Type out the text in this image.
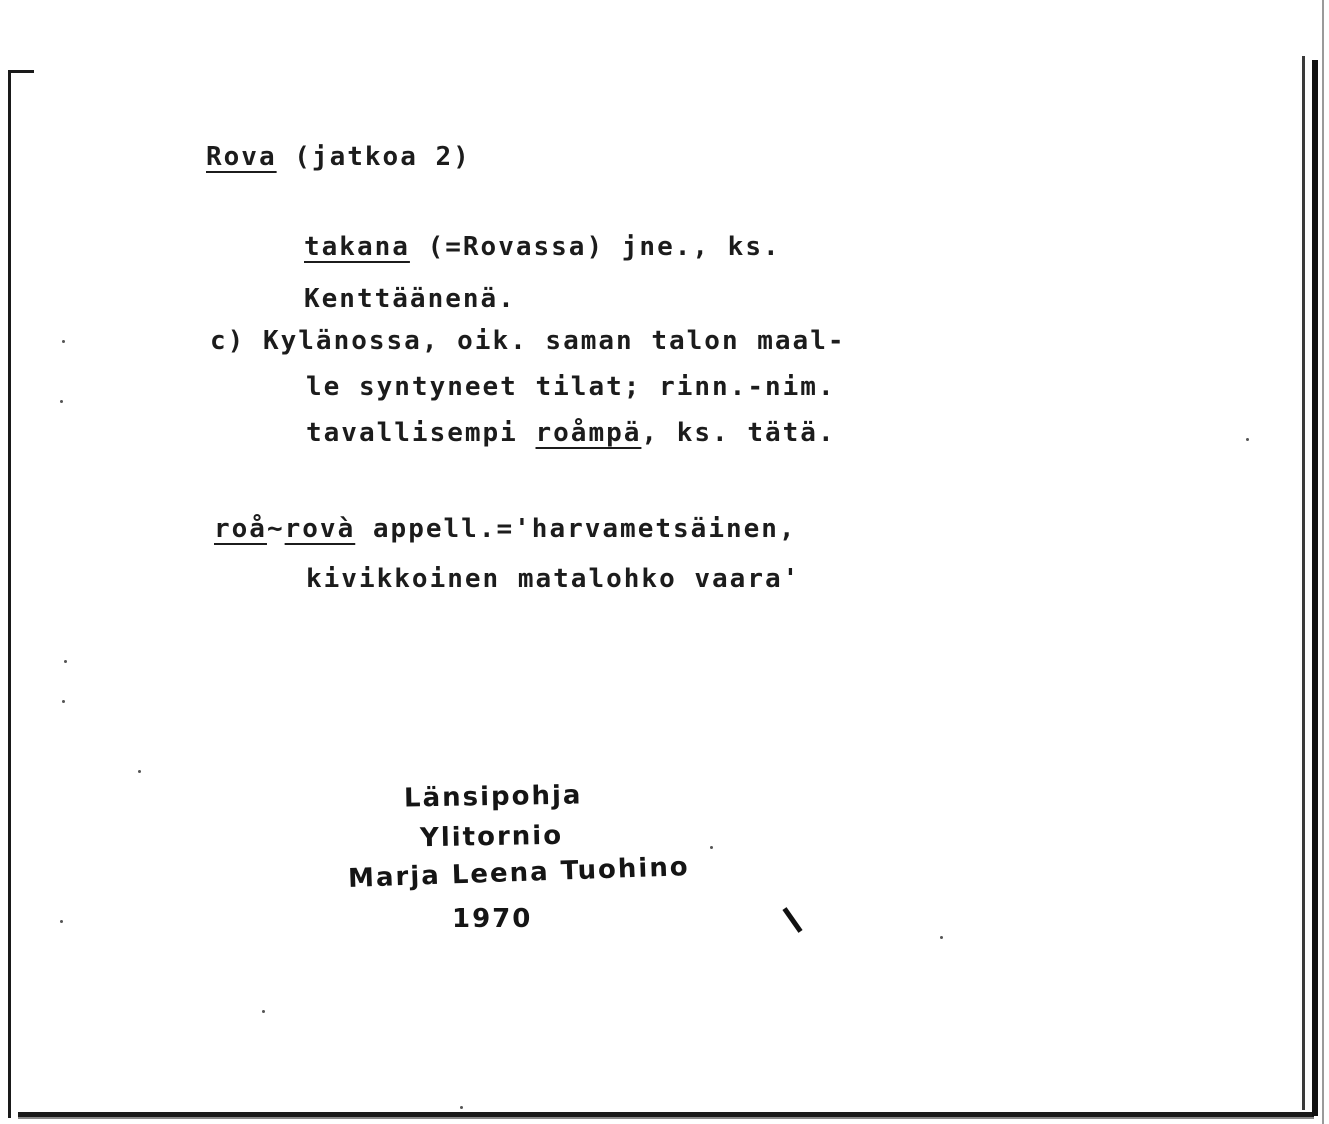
Rova (jatkoa 2)
takana (=Rovassa) jne., ks.
Kenttäänenä.
c) Kylänossa, oik. saman talon maal-
le syntyneet tilat; rinn.-nim.
tavallisempi roåmpä, ks. tätä.
roå~rovà appell.='harvametsäinen,
kivikkoinen matalohko vaara'
Länsipohja
Ylitornio
Marja Leena Tuohino
1970
